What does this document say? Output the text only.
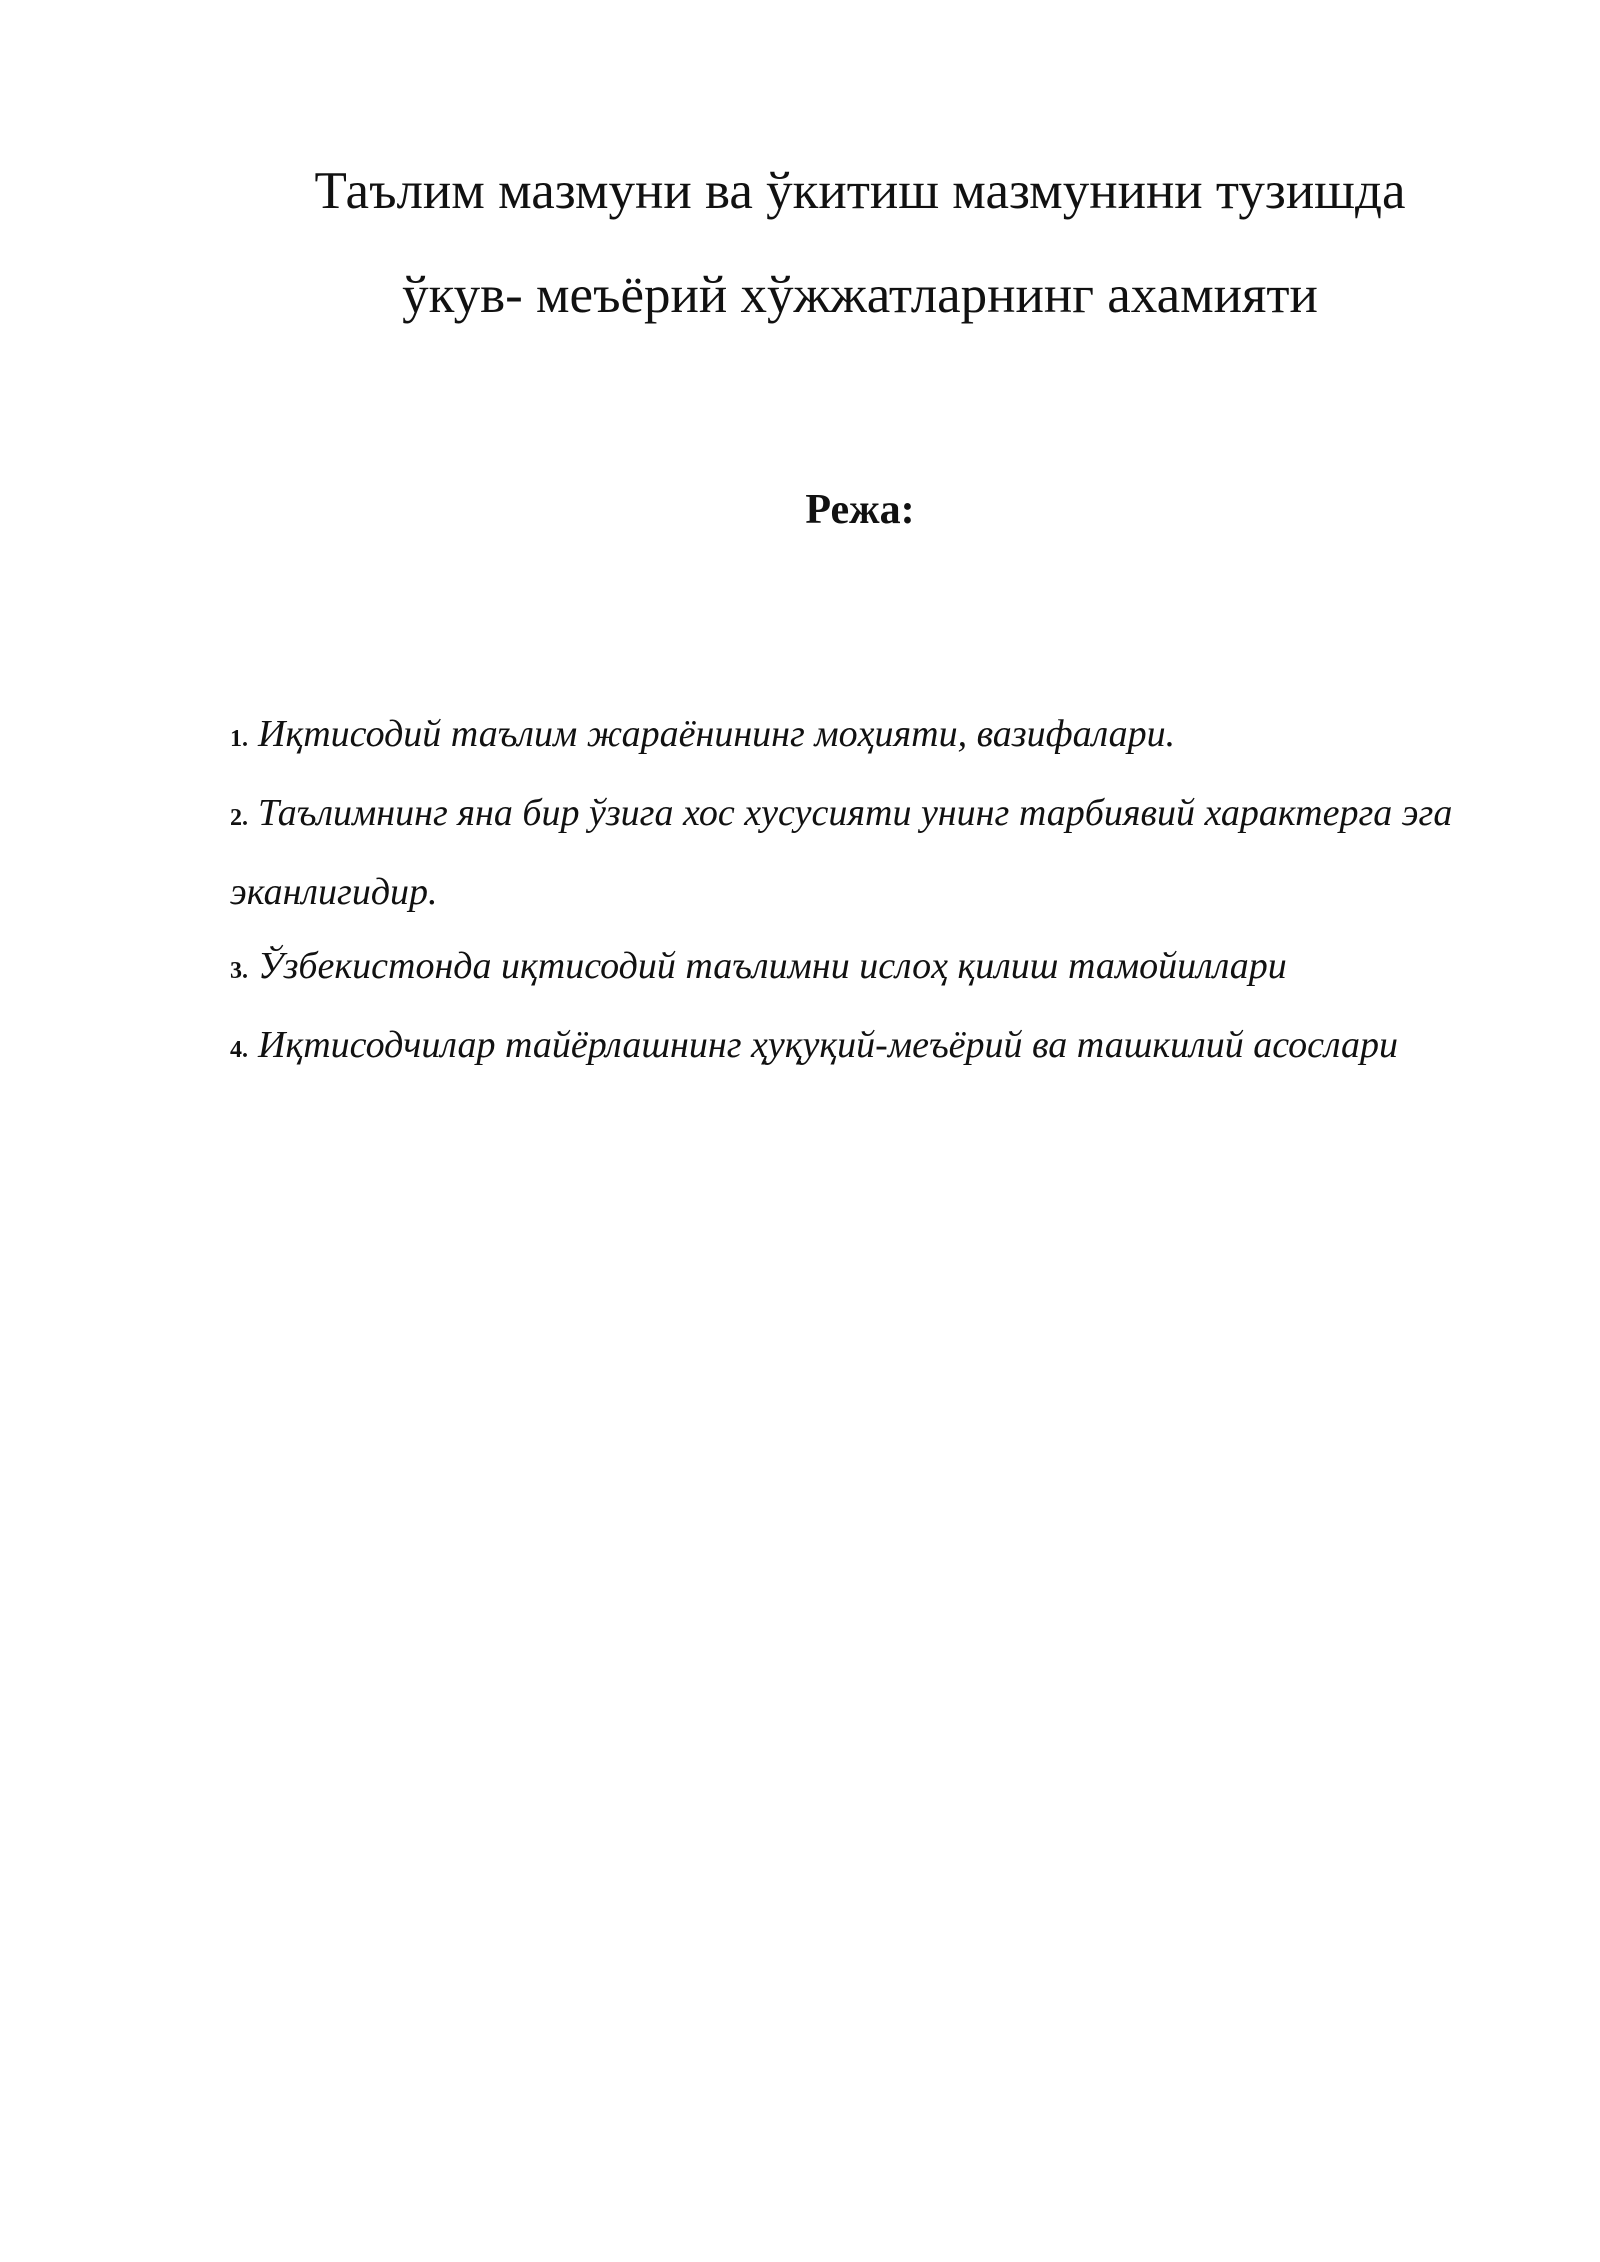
Таълим мазмуни ва ўкитиш мазмунини тузишда
ўкув- меъёрий хўжжатларнинг ахамияти
Режа:
1. Иқтисодий таълим жараёнининг моҳияти, вазифалари.
2. Таълимнинг яна бир ўзига хос хусусияти унинг тарбиявий характерга эга эканлигидир.
3. Ўзбекистонда иқтисодий таълимни ислоҳ қилиш тамойиллари
4. Иқтисодчилар тайёрлашнинг ҳуқуқий-меъёрий ва ташкилий асослари
